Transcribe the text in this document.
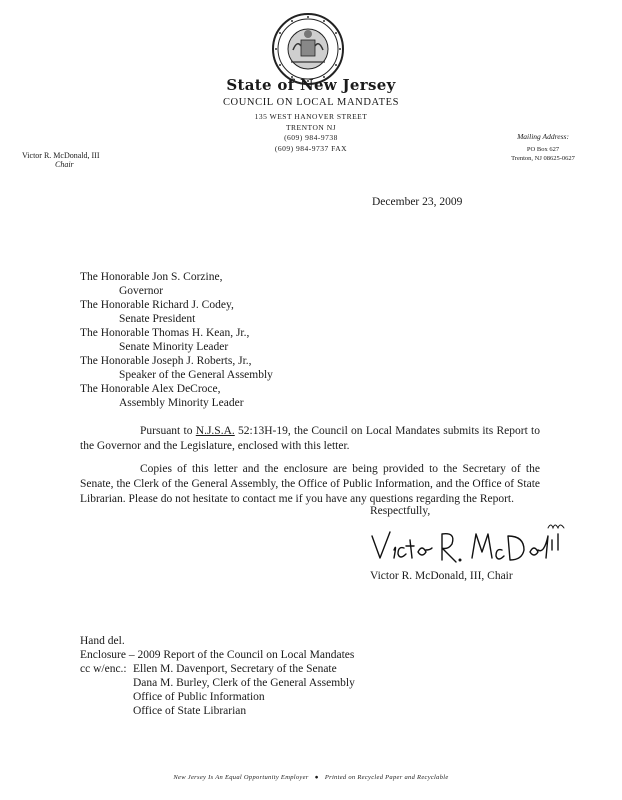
State of New Jersey
COUNCIL ON LOCAL MANDATES
135 WEST HANOVER STREET
TRENTON NJ
(609) 984-9738
(609) 984-9737 FAX
Mailing Address:
PO Box 627
Trenton, NJ 08625-0627
Victor R. McDonald, III
Chair
December 23, 2009
The Honorable Jon S. Corzine,
Governor
The Honorable Richard J. Codey,
Senate President
The Honorable Thomas H. Kean, Jr.,
Senate Minority Leader
The Honorable Joseph J. Roberts, Jr.,
Speaker of the General Assembly
The Honorable Alex DeCroce,
Assembly Minority Leader
Pursuant to N.J.S.A. 52:13H-19, the Council on Local Mandates submits its Report to the Governor and the Legislature, enclosed with this letter.
Copies of this letter and the enclosure are being provided to the Secretary of the Senate, the Clerk of the General Assembly, the Office of Public Information, and the Office of State Librarian. Please do not hesitate to contact me if you have any questions regarding the Report.
Respectfully,
Victor R. McDonald, III, Chair
Hand del.
Enclosure – 2009 Report of the Council on Local Mandates
cc w/enc.: Ellen M. Davenport, Secretary of the Senate
Dana M. Burley, Clerk of the General Assembly
Office of Public Information
Office of State Librarian
New Jersey Is An Equal Opportunity Employer ● Printed on Recycled Paper and Recyclable
